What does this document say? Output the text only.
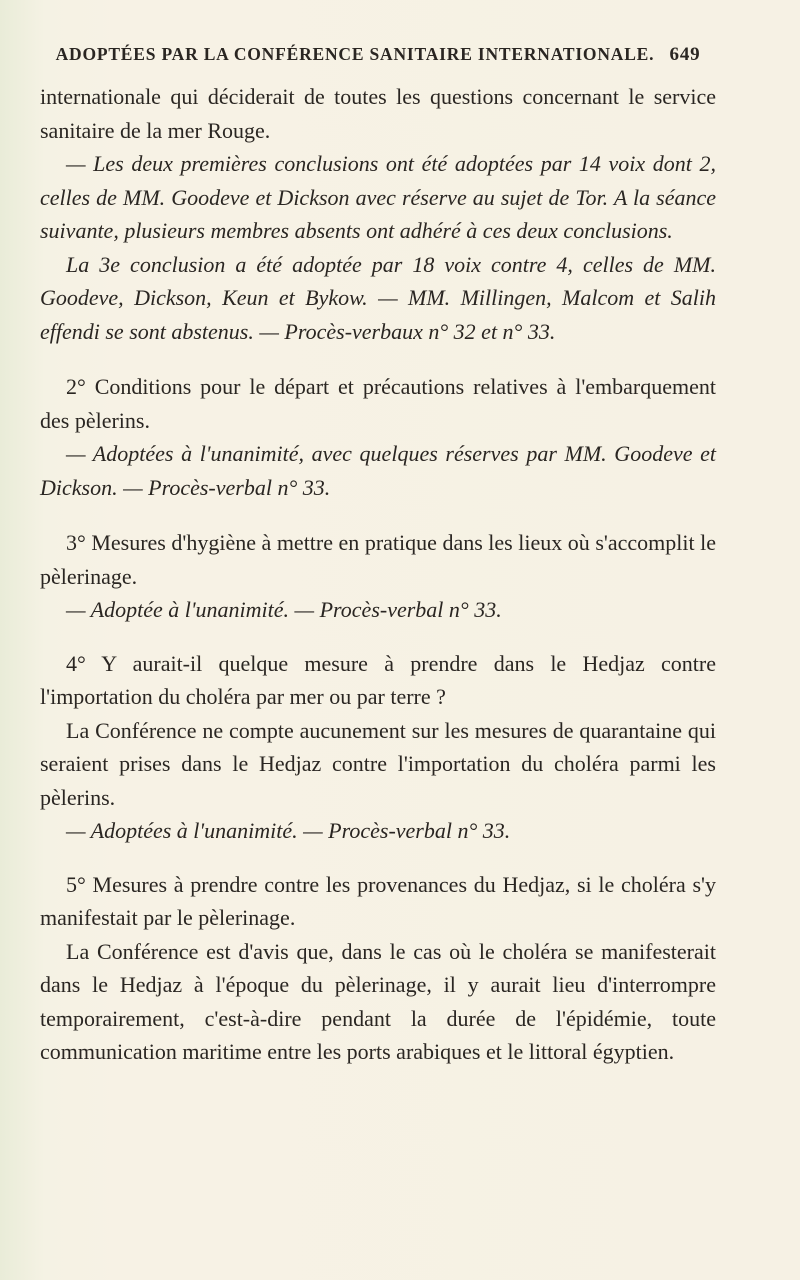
ADOPTÉES PAR LA CONFÉRENCE SANITAIRE INTERNATIONALE. 649

internationale qui déciderait de toutes les questions concernant le service sanitaire de la mer Rouge.

— Les deux premières conclusions ont été adoptées par 14 voix dont 2, celles de MM. Goodeve et Dickson avec réserve au sujet de Tor. A la séance suivante, plusieurs membres absents ont adhéré à ces deux conclusions.

La 3e conclusion a été adoptée par 18 voix contre 4, celles de MM. Goodeve, Dickson, Keun et Bykow. — MM. Millingen, Malcom et Salih effendi se sont abstenus. — Procès-verbaux n° 32 et n° 33.

2° Conditions pour le départ et précautions relatives à l'embarquement des pèlerins.

— Adoptées à l'unanimité, avec quelques réserves par MM. Goodeve et Dickson. — Procès-verbal n° 33.

3° Mesures d'hygiène à mettre en pratique dans les lieux où s'accomplit le pèlerinage.

— Adoptée à l'unanimité. — Procès-verbal n° 33.

4° Y aurait-il quelque mesure à prendre dans le Hedjaz contre l'importation du choléra par mer ou par terre ?

La Conférence ne compte aucunement sur les mesures de quarantaine qui seraient prises dans le Hedjaz contre l'importation du choléra parmi les pèlerins.

— Adoptées à l'unanimité. — Procès-verbal n° 33.

5° Mesures à prendre contre les provenances du Hedjaz, si le choléra s'y manifestait par le pèlerinage.

La Conférence est d'avis que, dans le cas où le choléra se manifesterait dans le Hedjaz à l'époque du pèlerinage, il y aurait lieu d'interrompre temporairement, c'est-à-dire pendant la durée de l'épidémie, toute communication maritime entre les ports arabiques et le littoral égyptien.
